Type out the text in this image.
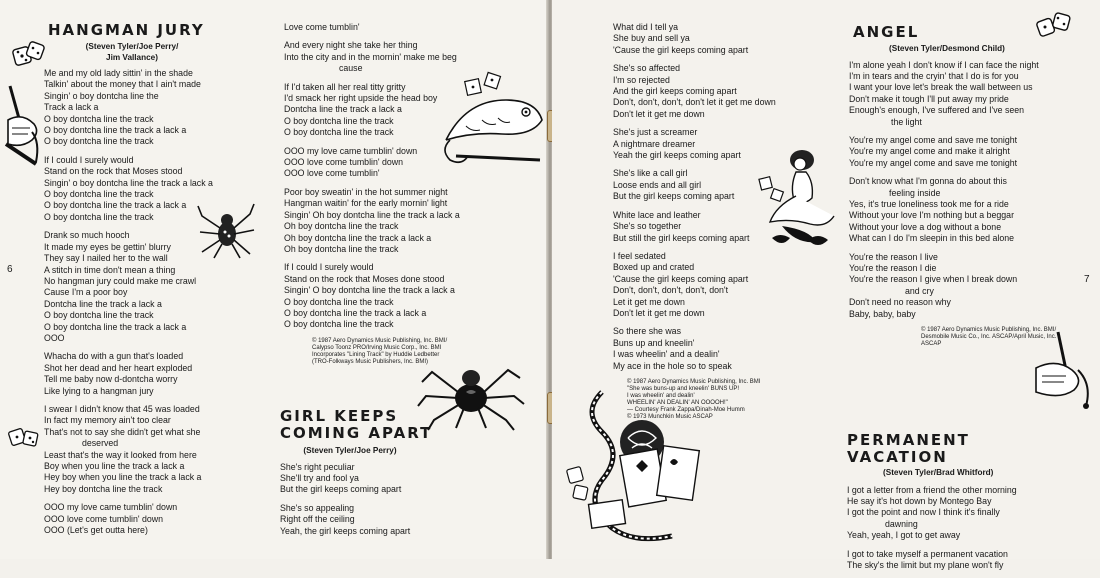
HANGMAN JURY
(Steven Tyler/Joe Perry/
Jim Vallance)

Me and my old lady sittin' in the shade
Talkin' about the money that I ain't made
Singin' o boy dontcha line the
Track a lack a
O boy dontcha line the track
O boy dontcha line the track a lack a
O boy dontcha line the track

If I could I surely would
Stand on the rock that Moses stood
Singin' o boy dontcha line the track a lack a
O boy dontcha line the track
O boy dontcha line the track a lack a
O boy dontcha line the track

Drank so much hooch
It made my eyes be gettin' blurry
They say I nailed her to the wall
A stitch in time don't mean a thing
No hangman jury could make me crawl
Cause I'm a poor boy
Dontcha line the track a lack a
O boy dontcha line the track
O boy dontcha line the track a lack a
OOO

Whacha do with a gun that's loaded
Shot her dead and her heart exploded
Tell me baby now d-dontcha worry
Like lying to a hangman jury

I swear I didn't know that 45 was loaded
In fact my memory ain't too clear
That's not to say she didn't get what she
deserved
Least that's the way it looked from here
Boy when you line the track a lack a
Hey boy when you line the track a lack a
Hey boy dontcha line the track

OOO my love came tumblin' down
OOO love come tumblin' down
OOO (Let's get outta here)

Love come tumblin'

And every night she take her thing
Into the city and in the mornin' make me beg
cause

If I'd taken all her real titty gritty
I'd smack her right upside the head boy
Dontcha line the track a lack a
O boy dontcha line the track
O boy dontcha line the track

OOO my love came tumblin' down
OOO love come tumblin' down
OOO love come tumblin'

Poor boy sweatin' in the hot summer night
Hangman waitin' for the early mornin' light
Singin' Oh boy dontcha line the track a lack a
Oh boy dontcha line the track
Oh boy dontcha line the track a lack a
Oh boy dontcha line the track

If I could I surely would
Stand on the rock that Moses done stood
Singin' O boy dontcha line the track a lack a
O boy dontcha line the track
O boy dontcha line the track a lack a
O boy dontcha line the track

© 1987 Aero Dynamics Music Publishing, Inc. BMI/
Calypso Toonz PRO/Irving Music Corp., Inc. BMI
Incorporates "Lining Track" by Huddie Ledbetter
(TRO-Folkways Music Publishers, Inc. BMI)
GIRL KEEPS
COMING APART
(Steven Tyler/Joe Perry)

She's right peculiar
She'll try and fool ya
But the girl keeps coming apart

She's so appealing
Right off the ceiling
Yeah, the girl keeps coming apart

6

What did I tell ya
She buy and sell ya
'Cause the girl keeps coming apart

She's so affected
I'm so rejected
And the girl keeps coming apart
Don't, don't, don't, don't let it get me down
Don't let it get me down

She's just a screamer
A nightmare dreamer
Yeah the girl keeps coming apart

She's like a call girl
Loose ends and all girl
But the girl keeps coming apart

White lace and leather
She's so together
But still the girl keeps coming apart

I feel sedated
Boxed up and crated
'Cause the girl keeps coming apart
Don't, don't, don't, don't, don't
Let it get me down
Don't let it get me down

So there she was
Buns up and kneelin'
I was wheelin' and a dealin'
My ace in the hole so to speak

© 1987 Aero Dynamics Music Publishing, Inc. BMI
"She was buns-up and kneelin' BUNS UP!
I was wheelin' and dealin'
WHEELIN' AN DEALIN' AN OOOOH!"
— Courtesy Frank Zappa/Dinah-Moe Humm
© 1973 Munchkin Music ASCAP
ANGEL
(Steven Tyler/Desmond Child)

I'm alone yeah I don't know if I can face the night
I'm in tears and the cryin' that I do is for you
I want your love let's break the wall between us
Don't make it tough I'll put away my pride
Enough's enough, I've suffered and I've seen
the light

You're my angel come and save me tonight
You're my angel come and make it alright
You're my angel come and save me tonight

Don't know what I'm gonna do about this
feeling inside
Yes, it's true loneliness took me for a ride
Without your love I'm nothing but a beggar
Without your love a dog without a bone
What can I do I'm sleepin in this bed alone

You're the reason I live
You're the reason I die
You're the reason I give when I break down
and cry
Don't need no reason why
Baby, baby, baby

© 1987 Aero Dynamics Music Publishing, Inc. BMI/
Desmobile Music Co., Inc. ASCAP/April Music, Inc.
ASCAP
PERMANENT
VACATION
(Steven Tyler/Brad Whitford)

I got a letter from a friend the other morning
He say it's hot down by Montego Bay
I got the point and now I think it's finally
dawning
Yeah, yeah, I got to get away

I got to take myself a permanent vacation
The sky's the limit but my plane won't fly

7
